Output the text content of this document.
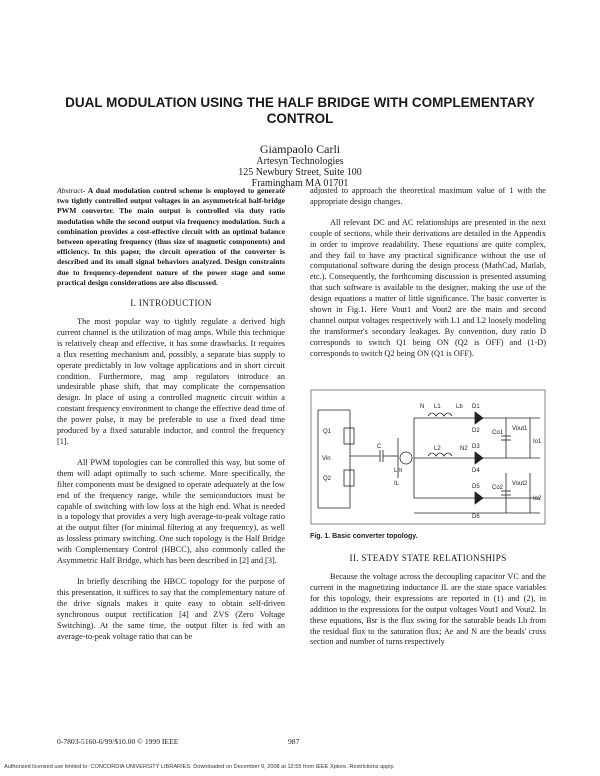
DUAL MODULATION USING THE HALF BRIDGE WITH COMPLEMENTARY CONTROL
Giampaolo Carli
Artesyn Technologies
125 Newbury Street, Suite 100
Framingham MA 01701

Abstract- A dual modulation control scheme is employed to generate two tightly controlled output voltages in an asymmetrical half-bridge PWM converter. The main output is controlled via duty ratio modulation while the second output via frequency modulation. Such a combination provides a cost-effective circuit with an optimal balance between operating frequency (thus size of magnetic components) and efficiency. In this paper, the circuit operation of the converter is described and its small signal behaviors analyzed. Design constraints due to frequency-dependent nature of the power stage and some practical design considerations are also discussed.

I. INTRODUCTION

The most popular way to tightly regulate a derived high current channel is the utilization of mag amps. While this technique is relatively cheap and effective, it has some drawbacks. It requires a flux resetting mechanism and, possibly, a separate bias supply to operate predictably in low voltage applications and in short circuit condition. Furthermore, mag amp regulators introduce an undesirable phase shift, that may complicate the compensation design. In place of using a controlled magnetic circuit within a constant frequency environment to change the effective dead time of the power pulse, it may be preferable to use a fixed dead time produced by a fixed saturable inductor, and control the frequency [1].

All PWM topologies can be controlled this way, but some of them will adapt optimally to such scheme. More specifically, the filter components must be designed to operate adequately at the low end of the frequency range, while the semiconductors must be capable of switching with low loss at the high end. What is needed is a topology that provides a very high average-to-peak voltage ratio at the output filter (for minimal filtering at any frequency), as well as lossless primary switching. One such topology is the Half Bridge with Complementary Control (HBCC), also commonly called the Asymmetric Half Bridge, which has been described in [2] and [3].

In briefly describing the HBCC topology for the purpose of this presentation, it suffices to say that the complementary nature of the drive signals makes it quite easy to obtain self-driven synchronous output rectification [4] and ZVS (Zero Voltage Switching). At the same time, the output filter is fed with an average-to-peak voltage ratio that can be

adjusted to approach the theoretical maximum value of 1 with the appropriate design changes.

All relevant DC and AC relationships are presented in the next couple of sections, while their derivations are detailed in the Appendix in order to improve readability. These equations are quite complex, and they fail to have any practical significance without the use of computational software during the design process (MathCad, Matlab, etc.). Consequently, the forthcoming discussion is presented assuming that such software is available to the designer, making the use of the design equations a matter of little significance. The basic converter is shown in Fig.1. Here Vout1 and Vout2 are the main and second channel output voltages respectively with L1 and L2 loosely modeling the transformer's secondary leakages. By convention, duty ratio D corresponds to switch Q1 being ON (Q2 is OFF) and (1-D) corresponds to switch Q2 being ON (Q1 is OFF).

Q1
Q2
C
Vin
Lm
IL
N L1
L2
Lb
N2
D1
D2
D3
D4
D5
D6
Co1
Co2
Vout1
Vout2
Io1
Io2
Fig. 1. Basic converter topology.
II. STEADY STATE RELATIONSHIPS

Because the voltage across the decoupling capacitor VC and the current in the magnetizing inductance IL are the state space variables for this topology, their expressions are reported in (1) and (2), in addition to the expressions for the output voltages Vout1 and Vout2. In these equations, Bsr is the flux swing for the saturable beads Lb from the residual flux to the saturation flux; Ae and N are the beads' cross section and number of turns respectively

0-7803-5160-6/99/$10.00 © 1999 IEEE	987
Authorized licensed use limited to: CONCORDIA UNIVERSITY LIBRARIES. Downloaded on December 9, 2008 at 12:55 from IEEE Xplore. Restrictions apply.
